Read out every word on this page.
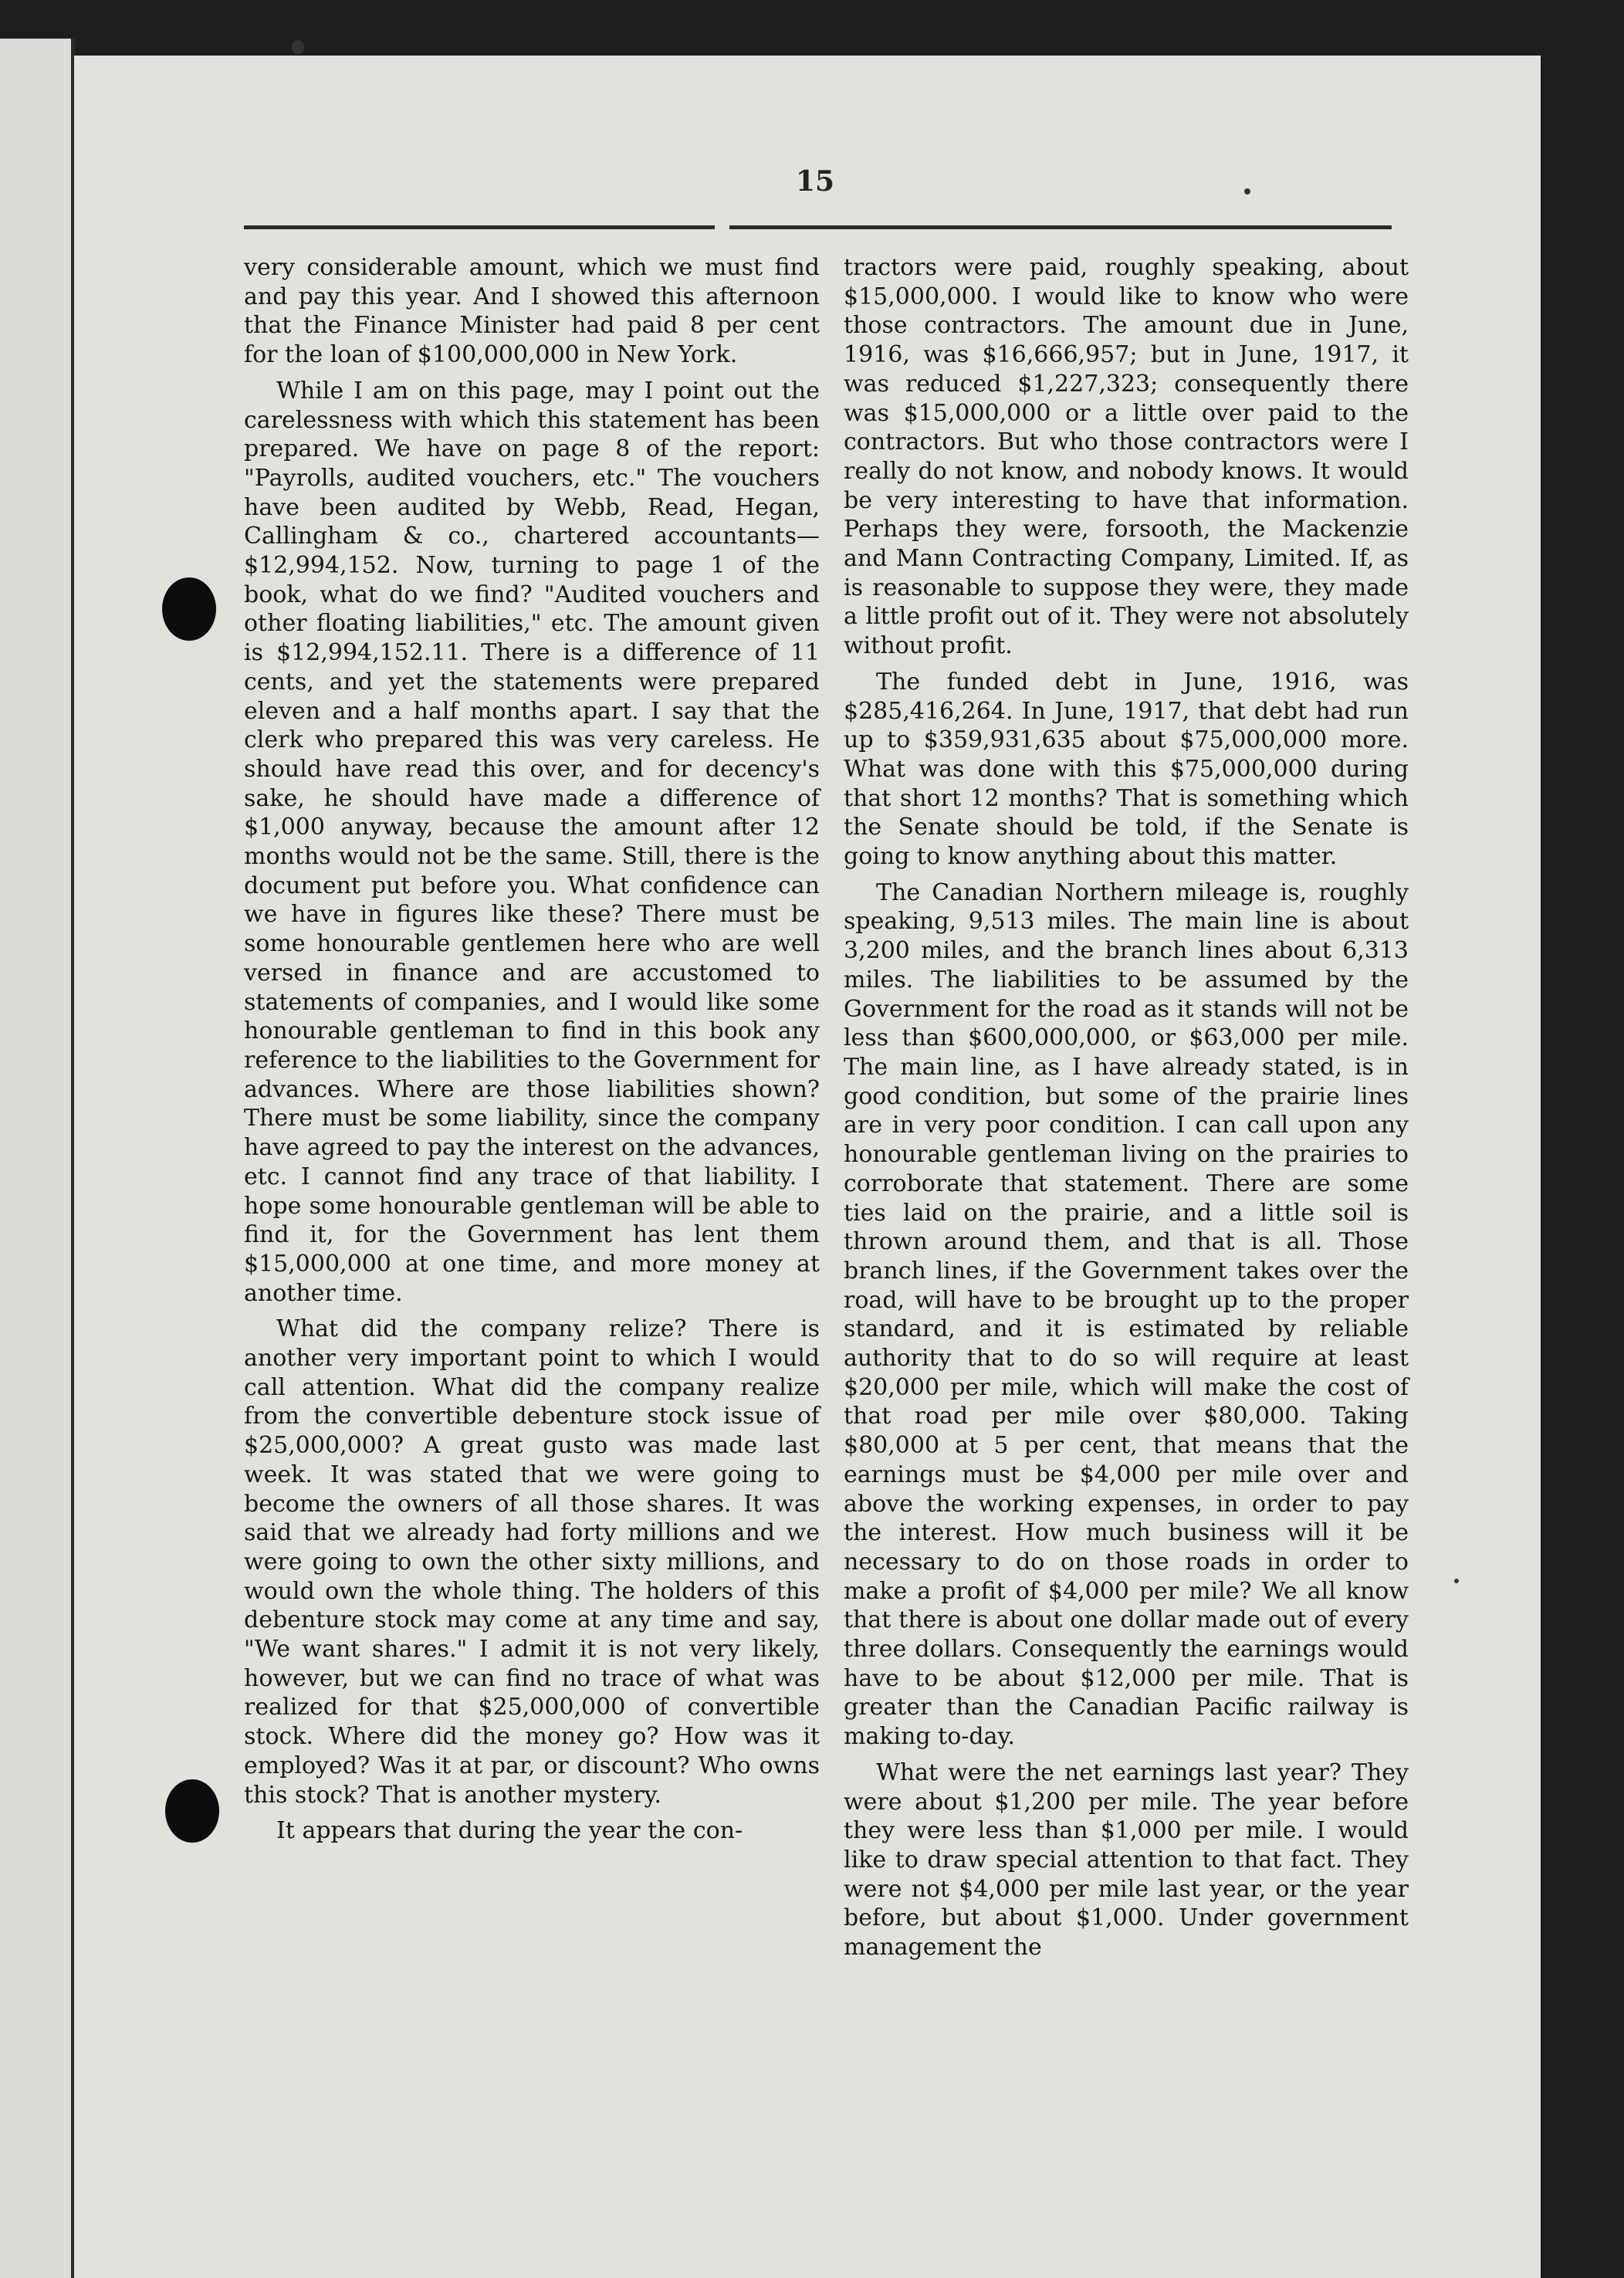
15

very considerable amount, which we must find and pay this year. And I showed this afternoon that the Finance Minister had paid 8 per cent for the loan of $100,000,000 in New York.

While I am on this page, may I point out the carelessness with which this statement has been prepared. We have on page 8 of the report: "Payrolls, audited vouchers, etc." The vouchers have been audited by Webb, Read, Hegan, Callingham & co., chartered accountants— $12,994,152. Now, turning to page 1 of the book, what do we find? "Audited vouchers and other floating liabilities," etc. The amount given is $12,994,152.11. There is a difference of 11 cents, and yet the statements were prepared eleven and a half months apart. I say that the clerk who prepared this was very careless. He should have read this over, and for decency's sake, he should have made a difference of $1,000 anyway, because the amount after 12 months would not be the same. Still, there is the document put before you. What confidence can we have in figures like these? There must be some honourable gentlemen here who are well versed in finance and are accustomed to statements of companies, and I would like some honourable gentleman to find in this book any reference to the liabilities to the Government for advances. Where are those liabilities shown? There must be some liability, since the company have agreed to pay the interest on the advances, etc. I cannot find any trace of that liability. I hope some honourable gentleman will be able to find it, for the Government has lent them $15,000,000 at one time, and more money at another time.

What did the company relize? There is another very important point to which I would call attention. What did the company realize from the convertible debenture stock issue of $25,000,000? A great gusto was made last week. It was stated that we were going to become the owners of all those shares. It was said that we already had forty millions and we were going to own the other sixty millions, and would own the whole thing. The holders of this debenture stock may come at any time and say, "We want shares." I admit it is not very likely, however, but we can find no trace of what was realized for that $25,000,000 of convertible stock. Where did the money go? How was it employed? Was it at par, or discount? Who owns this stock? That is another mystery.

It appears that during the year the con-

tractors were paid, roughly speaking, about $15,000,000. I would like to know who were those contractors. The amount due in June, 1916, was $16,666,957; but in June, 1917, it was reduced $1,227,323; consequently there was $15,000,000 or a little over paid to the contractors. But who those contractors were I really do not know, and nobody knows. It would be very interesting to have that information. Perhaps they were, forsooth, the Mackenzie and Mann Contracting Company, Limited. If, as is reasonable to suppose they were, they made a little profit out of it. They were not absolutely without profit.

The funded debt in June, 1916, was $285,416,264. In June, 1917, that debt had run up to $359,931,635 about $75,000,000 more. What was done with this $75,000,000 during that short 12 months? That is something which the Senate should be told, if the Senate is going to know anything about this matter.

The Canadian Northern mileage is, roughly speaking, 9,513 miles. The main line is about 3,200 miles, and the branch lines about 6,313 miles. The liabilities to be assumed by the Government for the road as it stands will not be less than $600,000,000, or $63,000 per mile. The main line, as I have already stated, is in good condition, but some of the prairie lines are in very poor condition. I can call upon any honourable gentleman living on the prairies to corroborate that statement. There are some ties laid on the prairie, and a little soil is thrown around them, and that is all. Those branch lines, if the Government takes over the road, will have to be brought up to the proper standard, and it is estimated by reliable authority that to do so will require at least $20,000 per mile, which will make the cost of that road per mile over $80,000. Taking $80,000 at 5 per cent, that means that the earnings must be $4,000 per mile over and above the working expenses, in order to pay the interest. How much business will it be necessary to do on those roads in order to make a profit of $4,000 per mile? We all know that there is about one dollar made out of every three dollars. Consequently the earnings would have to be about $12,000 per mile. That is greater than the Canadian Pacific railway is making to-day.

What were the net earnings last year? They were about $1,200 per mile. The year before they were less than $1,000 per mile. I would like to draw special attention to that fact. They were not $4,000 per mile last year, or the year before, but about $1,000. Under government management the
